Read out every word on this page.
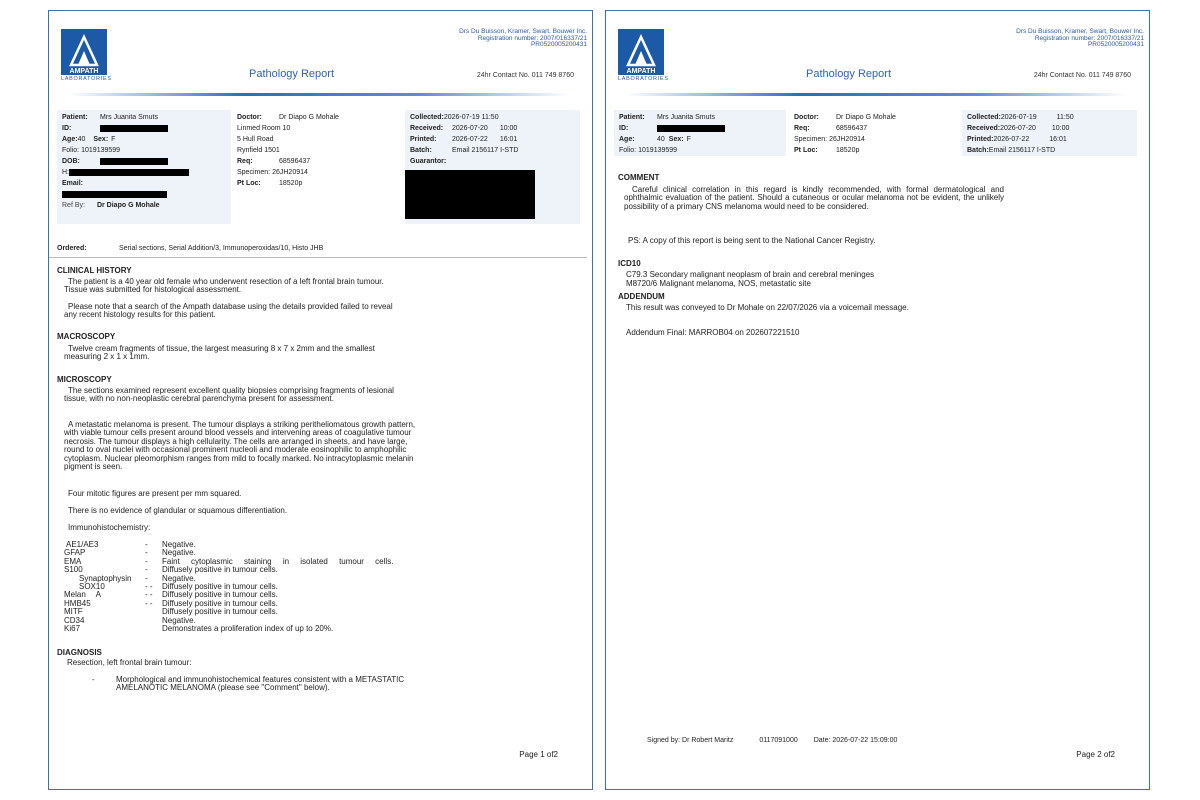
AMPATH
LABORATORIES
Drs Du Buisson, Kramer, Swart, Bouwer Inc.
Registration number: 2007/016337/21
PR0520005200431
Pathology Report	24hr Contact No. 011 749 8760
Patient: Mrs Juanita Smuts
ID:
Age:40 Sex: F
Folio: 1019139599
DOB:
H:
Email:
Ref By: Dr Diapo G Mohale
Doctor: Dr Diapo G Mohale
Linmed Room 10
5 Hull Road
Rynfield 1501
Req:	68596437
Specimen: 26JH20914
Pt Loc:	18520p
Collected:2026-07-19 11:50
Received: 2026-07-20 10:00
Printed: 2026-07-22 16:01
Batch:	Email 2156117 I-STD
Guarantor:
Ordered:	Serial sections, Serial Addition/3, Immunoperoxidas/10, Histo JHB
CLINICAL HISTORY
The patient is a 40 year old female who underwent resection of a left frontal brain tumour. Tissue was submitted for histological assessment.
Please note that a search of the Ampath database using the details provided failed to reveal any recent histology results for this patient.
MACROSCOPY
Twelve cream fragments of tissue, the largest measuring 8 x 7 x 2mm and the smallest measuring 2 x 1 x 1mm.
MICROSCOPY
The sections examined represent excellent quality biopsies comprising fragments of lesional tissue, with no non-neoplastic cerebral parenchyma present for assessment.
A metastatic melanoma is present. The tumour displays a striking peritheliomatous growth pattern, with viable tumour cells present around blood vessels and intervening areas of coagulative tumour necrosis. The tumour displays a high cellularity. The cells are arranged in sheets, and have large, round to oval nuclei with occasional prominent nucleoli and moderate eosinophilic to amphophilic cytoplasm. Nuclear pleomorphism ranges from mild to focally marked. No intracytoplasmic melanin pigment is seen.
Four mitotic figures are present per mm squared.
There is no evidence of glandular or squamous differentiation.
Immunohistochemistry:
AE1/AE3	- Negative.
GFAP	- Negative.
EMA	- Faint cytoplasmic staining in isolated tumour cells.
S100	- Diffusely positive in tumour cells.
Synaptophysin - Negative.
SOX10	- - Diffusely positive in tumour cells.
Melan A	- - Diffusely positive in tumour cells.
HMB45	- - Diffusely positive in tumour cells.
MITF	Diffusely positive in tumour cells.
CD34	Negative.
Ki67	Demonstrates a proliferation index of up to 20%.
DIAGNOSIS
Resection, left frontal brain tumour:
-	Morphological and immunohistochemical features consistent with a METASTATIC AMELANOTIC MELANOMA (please see "Comment" below).
Page 1 of2
AMPATH
LABORATORIES
Drs Du Buisson, Kramer, Swart, Bouwer Inc.
Registration number: 2007/016337/21
PR0520005200431
Pathology Report	24hr Contact No. 011 749 8760
Patient: Mrs Juanita Smuts
ID:
Age:	40 Sex: F
Folio: 1019139599
Doctor: Dr Diapo G Mohale
Req:	68596437
Specimen: 26JH20914
Pt Loc:	18520p
Collected:2026-07-19	11:50
Received:2026-07-20 10:00
Printed:2026-07-22	16:01
Batch:Email 2156117 I-STD
COMMENT
Careful clinical correlation in this regard is kindly recommended, with formal dermatological and ophthalmic evaluation of the patient. Should a cutaneous or ocular melanoma not be evident, the unlikely possibility of a primary CNS melanoma would need to be considered.
PS: A copy of this report is being sent to the National Cancer Registry.
ICD10
C79.3 Secondary malignant neoplasm of brain and cerebral meninges
M8720/6 Malignant melanoma, NOS, metastatic site
ADDENDUM
This result was conveyed to Dr Mohale on 22/07/2026 via a voicemail message.
Addendum Final: MARROB04 on 202607221510
Signed by: Dr Robert Maritz	0117091000 Date: 2026-07-22 15:09:00
Page 2 of2
